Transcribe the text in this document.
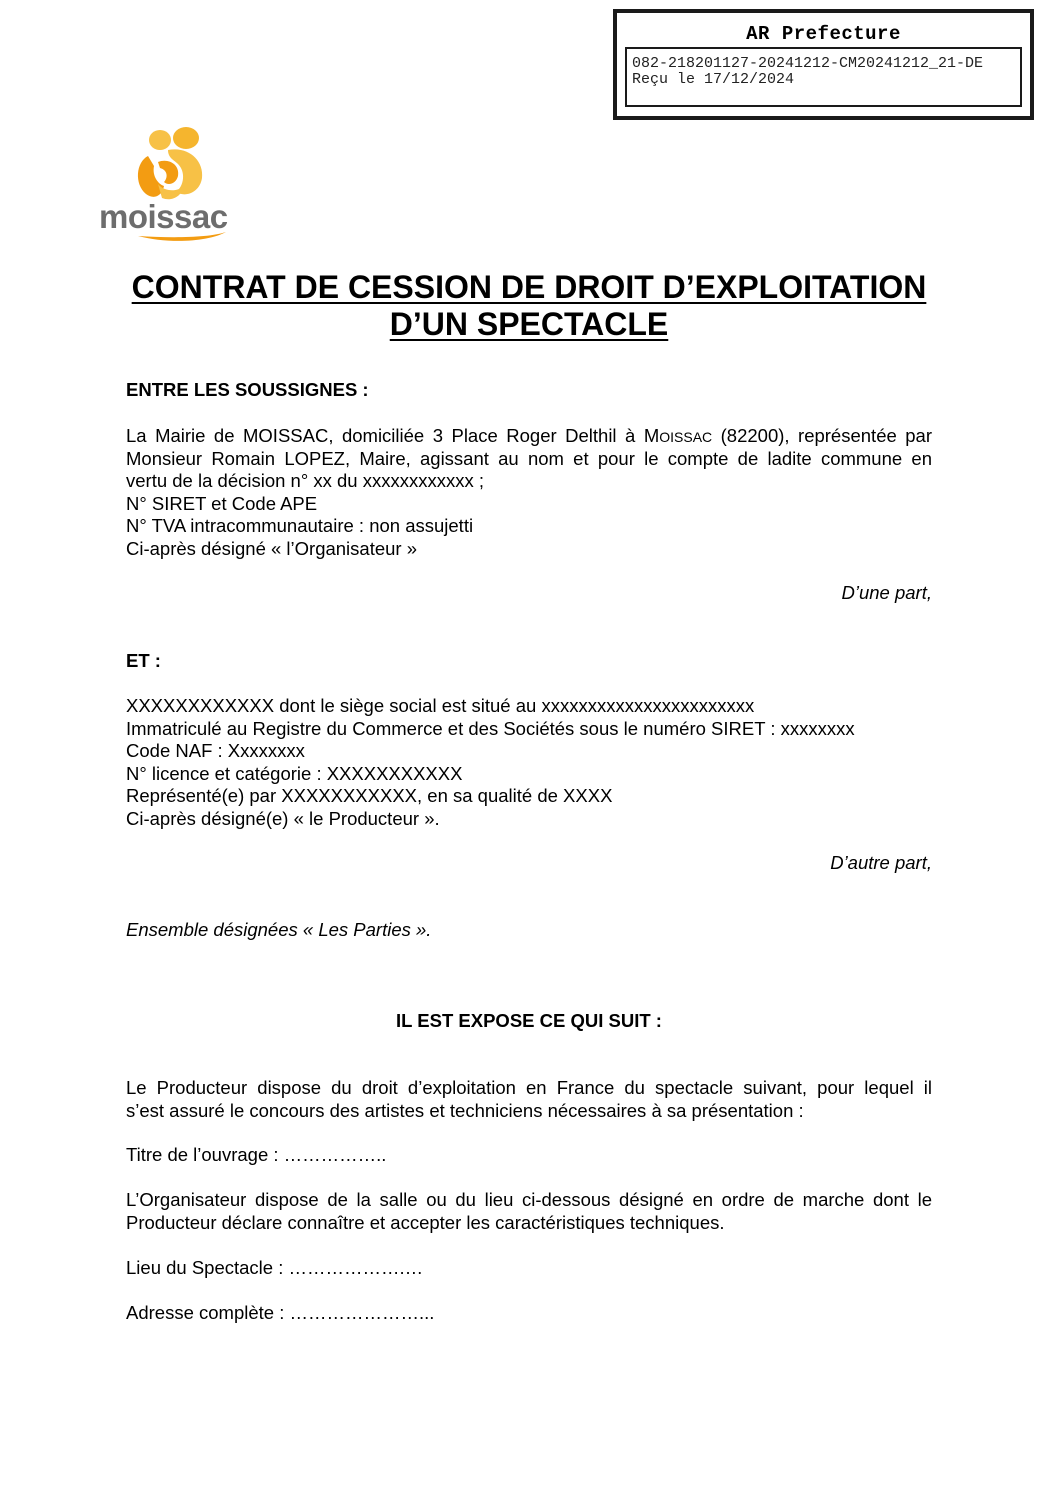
AR Prefecture
082-218201127-20241212-CM20241212_21-DE
Reçu le 17/12/2024
moissac
CONTRAT DE CESSION DE DROIT D’EXPLOITATION
D’UN SPECTACLE
ENTRE LES SOUSSIGNES :
La Mairie de MOISSAC, domiciliée 3 Place Roger Delthil à MOISSAC (82200), représentée par
Monsieur Romain LOPEZ, Maire, agissant au nom et pour le compte de ladite commune en
vertu de la décision n° xx du xxxxxxxxxxxx ;
N° SIRET et Code APE
N° TVA intracommunautaire : non assujetti
Ci-après désigné « l’Organisateur »
D’une part,
ET :
XXXXXXXXXXXX dont le siège social est situé au xxxxxxxxxxxxxxxxxxxxxxx
Immatriculé au Registre du Commerce et des Sociétés sous le numéro SIRET : xxxxxxxx
Code NAF : Xxxxxxxx
N° licence et catégorie : XXXXXXXXXXX
Représenté(e) par XXXXXXXXXXX, en sa qualité de XXXX
Ci-après désigné(e) « le Producteur ».
D’autre part,
Ensemble désignées « Les Parties ».
IL EST EXPOSE CE QUI SUIT :
Le Producteur dispose du droit d’exploitation en France du spectacle suivant, pour lequel il
s’est assuré le concours des artistes et techniciens nécessaires à sa présentation :
Titre de l’ouvrage : ……………..
L’Organisateur dispose de la salle ou du lieu ci-dessous désigné en ordre de marche dont le
Producteur déclare connaître et accepter les caractéristiques techniques.
Lieu du Spectacle : ……………….…
Adresse complète : …………………...
